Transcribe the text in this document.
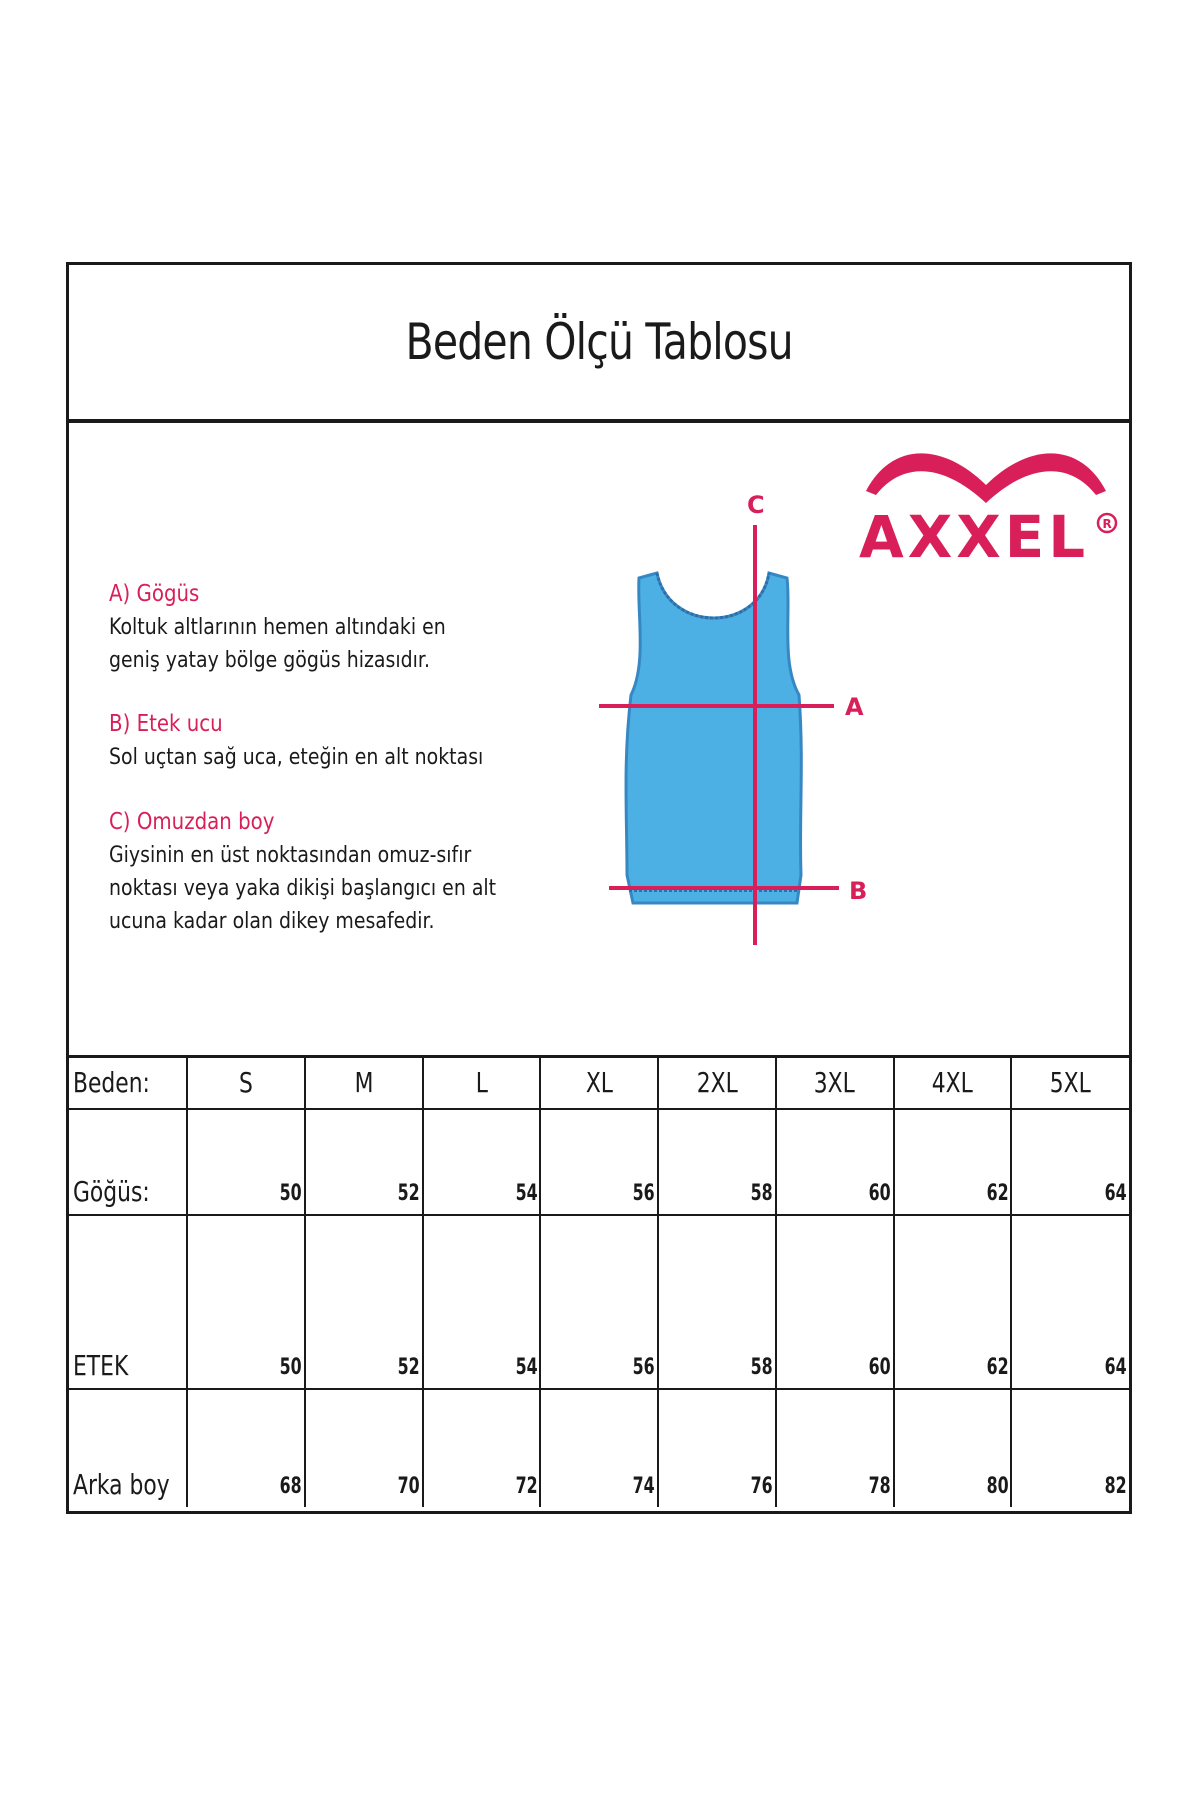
Beden Ölçü Tablosu
A) Gögüs

Koltuk altlarının hemen altındaki en
geniş yatay bölge gögüs hizasıdır.

B) Etek ucu

Sol uçtan sağ uca, eteğin en alt noktası

C) Omuzdan boy

Giysinin en üst noktasından omuz-sıfır
noktası veya yaka dikişi başlangıcı en alt
ucuna kadar olan dikey mesafedir.

AXXEL R
C
A
B
Beden:	S	M	L	XL	2XL	3XL	4XL	5XL
Göğüs:	50	52	54	56	58	60	62	64
ETEK	50	52	54	56	58	60	62	64
Arka boy	68	70	72	74	76	78	80	82
